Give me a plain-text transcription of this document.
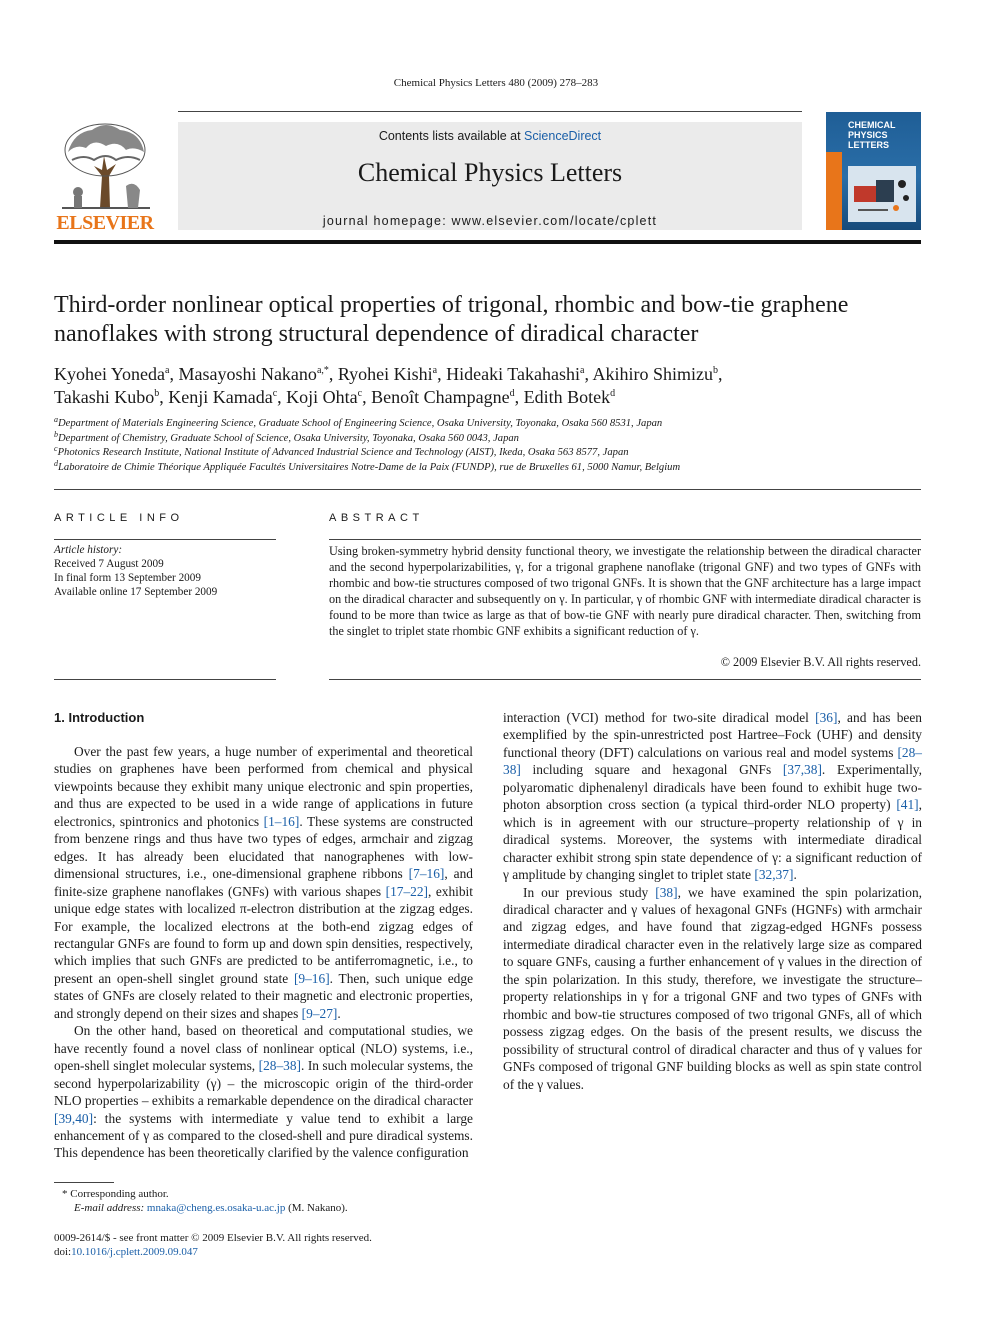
Chemical Physics Letters 480 (2009) 278–283
ELSEVIER
Contents lists available at ScienceDirect
Chemical Physics Letters
journal homepage: www.elsevier.com/locate/cplett
CHEMICAL
PHYSICS
LETTERS
Third-order nonlinear optical properties of trigonal, rhombic and bow-tie graphene
nanoflakes with strong structural dependence of diradical character
Kyohei Yoneda$^a$, Masayoshi Nakano$^{a,*}$, Ryohei Kishi$^a$, Hideaki Takahashi$^a$, Akihiro Shimizu$^b$,
Takashi Kubo$^b$, Kenji Kamada$^c$, Koji Ohta$^c$, Benoît Champagne$^d$, Edith Botek$^d$
$^a$Department of Materials Engineering Science, Graduate School of Engineering Science, Osaka University, Toyonaka, Osaka 560 8531, Japan
$^b$Department of Chemistry, Graduate School of Science, Osaka University, Toyonaka, Osaka 560 0043, Japan
$^c$Photonics Research Institute, National Institute of Advanced Industrial Science and Technology (AIST), Ikeda, Osaka 563 8577, Japan
$^d$Laboratoire de Chimie Théorique Appliquée Facultés Universitaires Notre-Dame de la Paix (FUNDP), rue de Bruxelles 61, 5000 Namur, Belgium
ARTICLE INFO	ABSTRACT
Article history:
Received 7 August 2009
In final form 13 September 2009
Available online 17 September 2009
Using broken-symmetry hybrid density functional theory, we investigate the relationship between the diradical character and the second hyperpolarizabilities, γ, for a trigonal graphene nanoflake (trigonal GNF) and two types of GNFs with rhombic and bow-tie structures composed of two trigonal GNFs. It is shown that the GNF architecture has a large impact on the diradical character and subsequently on γ. In particular, γ of rhombic GNF with intermediate diradical character is found to be more than twice as large as that of bow-tie GNF with nearly pure diradical character. Then, switching from the singlet to triplet state rhombic GNF exhibits a significant reduction of γ.
© 2009 Elsevier B.V. All rights reserved.
1. Introduction

Over the past few years, a huge number of experimental and theoretical studies on graphenes have been performed from chemical and physical viewpoints because they exhibit many unique electronic and spin properties, and thus are expected to be used in a wide range of applications in future electronics, spintronics and photonics [1–16]. These systems are constructed from benzene rings and thus have two types of edges, armchair and zigzag edges. It has already been elucidated that nanographenes with low-dimensional structures, i.e., one-dimensional graphene ribbons [7–16], and finite-size graphene nanoflakes (GNFs) with various shapes [17–22], exhibit unique edge states with localized π-electron distribution at the zigzag edges. For example, the localized electrons at the both-end zigzag edges of rectangular GNFs are found to form up and down spin densities, respectively, which implies that such GNFs are predicted to be antiferromagnetic, i.e., to present an open-shell singlet ground state [9–16]. Then, such unique edge states of GNFs are closely related to their magnetic and electronic properties, and strongly depend on their sizes and shapes [9–27].

On the other hand, based on theoretical and computational studies, we have recently found a novel class of nonlinear optical (NLO) systems, i.e., open-shell singlet molecular systems, [28–38]. In such molecular systems, the second hyperpolarizability (γ) – the microscopic origin of the third-order NLO properties – exhibits a remarkable dependence on the diradical character [39,40]: the systems with intermediate y value tend to exhibit a large enhancement of γ as compared to the closed-shell and pure diradical systems. This dependence has been theoretically clarified by the valence configuration

interaction (VCI) method for two-site diradical model [36], and has been exemplified by the spin-unrestricted post Hartree–Fock (UHF) and density functional theory (DFT) calculations on various real and model systems [28–38] including square and hexagonal GNFs [37,38]. Experimentally, polyaromatic diphenalenyl diradicals have been found to exhibit huge two-photon absorption cross section (a typical third-order NLO property) [41], which is in agreement with our structure–property relationship of γ in diradical systems. Moreover, the systems with intermediate diradical character exhibit strong spin state dependence of γ: a significant reduction of γ amplitude by changing singlet to triplet state [32,37].

In our previous study [38], we have examined the spin polarization, diradical character and γ values of hexagonal GNFs (HGNFs) with armchair and zigzag edges, and have found that zigzag-edged HGNFs possess intermediate diradical character even in the relatively large size as compared to square GNFs, causing a further enhancement of γ values in the direction of the spin polarization. In this study, therefore, we investigate the structure–property relationships in γ for a trigonal GNF and two types of GNFs with rhombic and bow-tie structures composed of two trigonal GNFs, all of which possess zigzag edges. On the basis of the present results, we discuss the possibility of structural control of diradical character and thus of γ values for GNFs composed of trigonal GNF building blocks as well as spin state control of the γ values.

* Corresponding author.
E-mail address: mnaka@cheng.es.osaka-u.ac.jp (M. Nakano).
0009-2614/$ - see front matter © 2009 Elsevier B.V. All rights reserved.
doi:10.1016/j.cplett.2009.09.047
